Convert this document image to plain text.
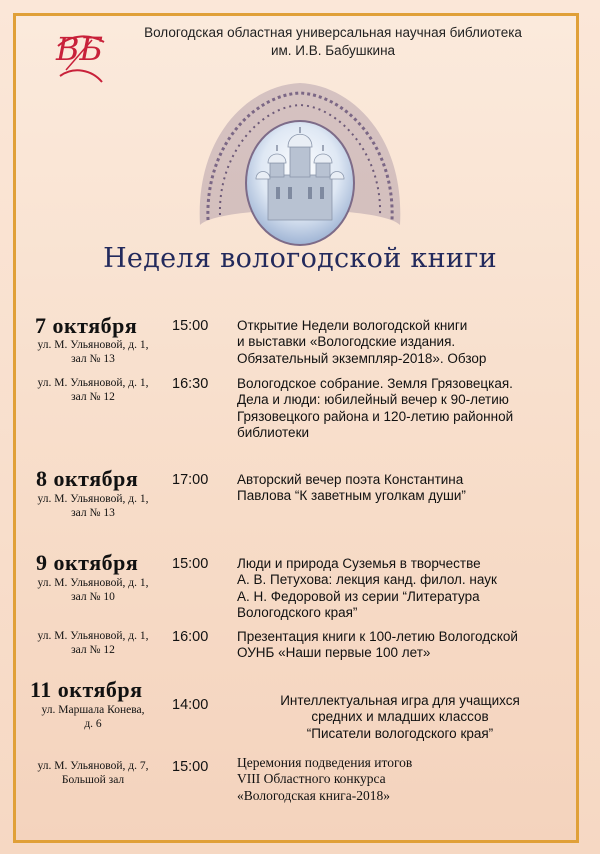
ВБ	Вологодская областная универсальная научная библиотека
им. И.В. Бабушкина
Неделя вологодской книги
7 октября
ул. М. Ульяновой, д. 1,
зал № 13
15:00 Открытие Недели вологодской книги
и выставки «Вологодские издания.
Обязательный экземпляр-2018». Обзор
ул. М. Ульяновой, д. 1,
зал № 12
16:30 Вологодское собрание. Земля Грязовецкая.
Дела и люди: юбилейный вечер к 90-летию
Грязовецкого района и 120-летию районной
библиотеки
8 октября
ул. М. Ульяновой, д. 1,
зал № 13
17:00 Авторский вечер поэта Константина
Павлова “К заветным уголкам души”
9 октября
ул. М. Ульяновой, д. 1,
зал № 10
15:00 Люди и природа Суземья в творчестве
А. В. Петухова: лекция канд. филол. наук
А. Н. Федоровой из серии “Литература
Вологодского края”
ул. М. Ульяновой, д. 1,
зал № 12
16:00 Презентация книги к 100-летию Вологодской
ОУНБ «Наши первые 100 лет»
11 октября
ул. Маршала Конева,
д. 6
14:00	Интеллектуальная игра для учащихся
средних и младших классов
“Писатели вологодского края”
ул. М. Ульяновой, д. 7,
Большой зал
15:00 Церемония подведения итогов
VIII Областного конкурса
«Вологодская книга-2018»
